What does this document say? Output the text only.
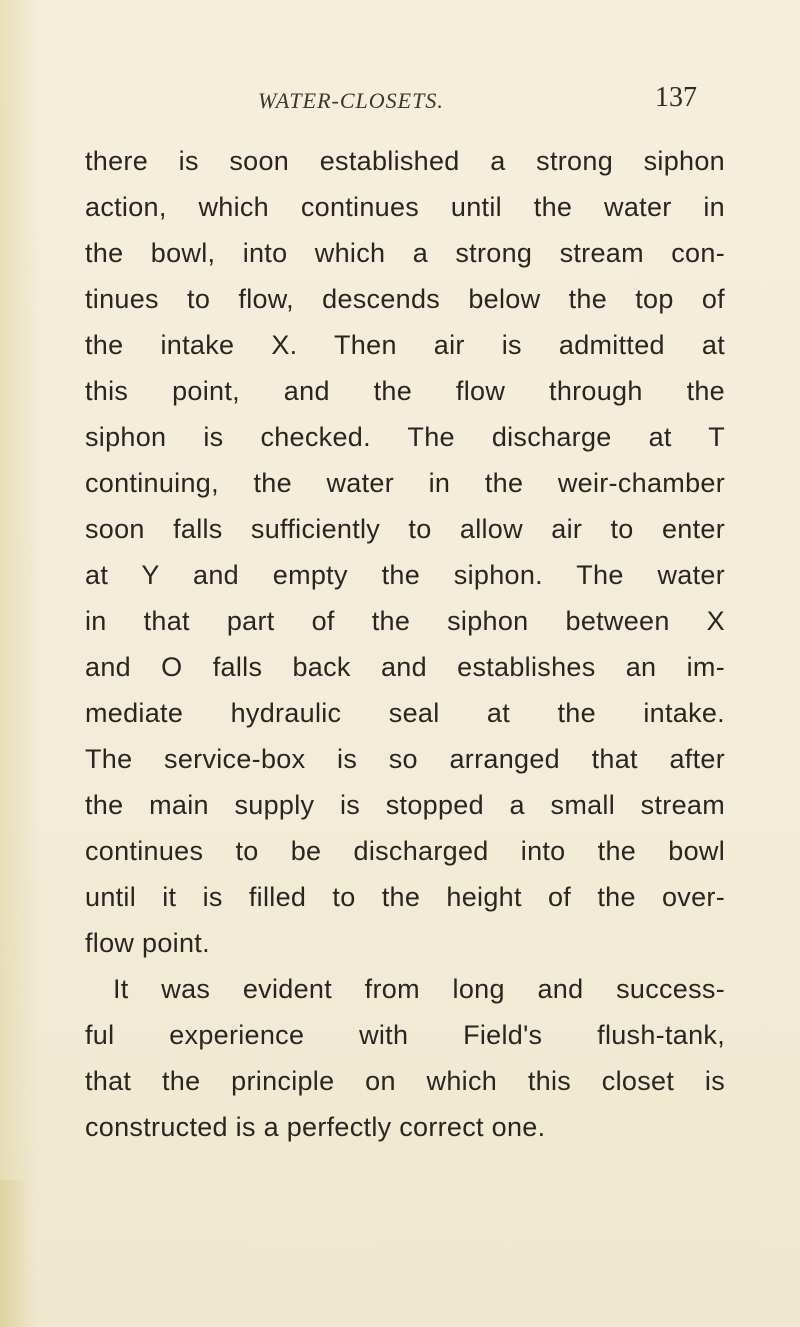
WATER-CLOSETS.	137
there is soon established a strong siphon
action, which continues until the water in
the bowl, into which a strong stream con-
tinues to flow, descends below the top of
the intake X. Then air is admitted at
this point, and the flow through the
siphon is checked. The discharge at T
continuing, the water in the weir-chamber
soon falls sufficiently to allow air to enter
at Y and empty the siphon. The water
in that part of the siphon between X
and O falls back and establishes an im-
mediate hydraulic seal at the intake.
The service-box is so arranged that after
the main supply is stopped a small stream
continues to be discharged into the bowl
until it is filled to the height of the over-
flow point.
It was evident from long and success-
ful experience with Field's flush-tank,
that the principle on which this closet is
constructed is a perfectly correct one.
